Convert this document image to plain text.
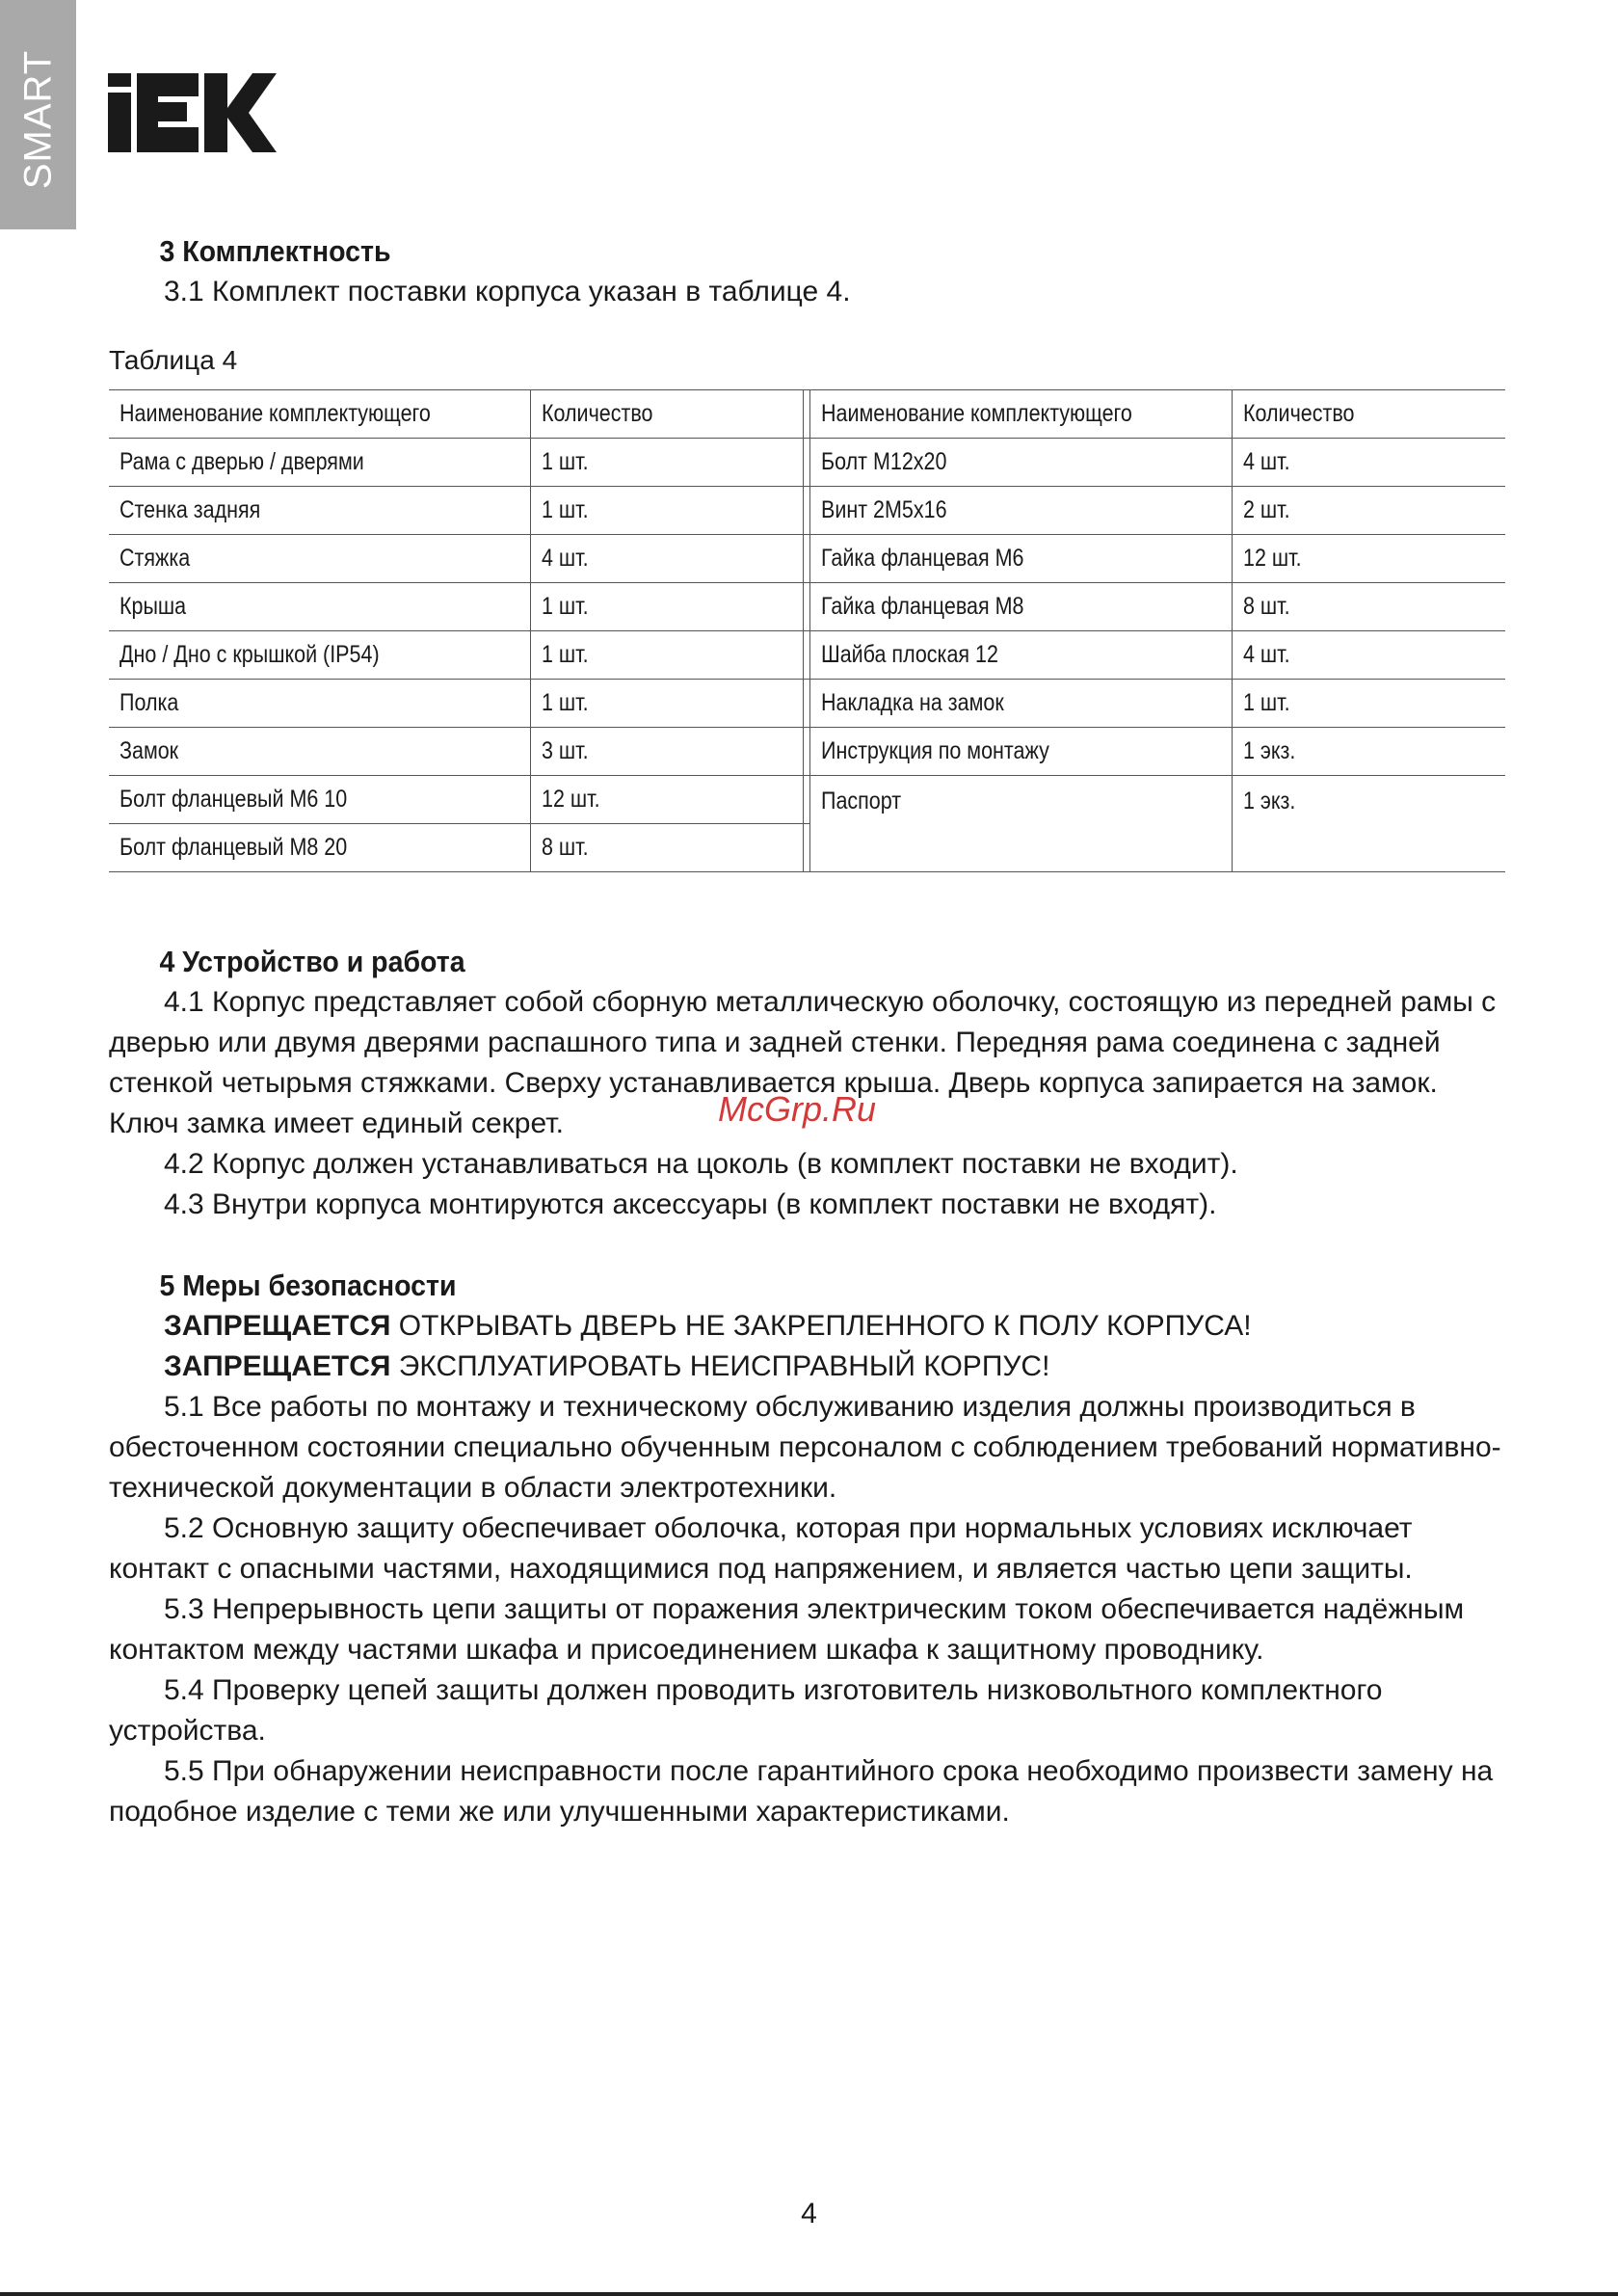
SMART
McGrp.Ru
3 Комплектность

3.1 Комплект поставки корпуса указан в таблице 4.

Таблица 4
Наименование комплектующего	Количество		Наименование комплектующего	Количество
Рама с дверью / дверями	1 шт.		Болт M12x20	4 шт.
Стенка задняя	1 шт.		Винт 2M5x16	2 шт.
Стяжка	4 шт.		Гайка фланцевая М6	12 шт.
Крыша	1 шт.		Гайка фланцевая М8	8 шт.
Дно / Дно с крышкой (IP54)	1 шт.		Шайба плоская 12	4 шт.
Полка	1 шт.		Накладка на замок	1 шт.
Замок	3 шт.		Инструкция по монтажу	1 экз.
Болт фланцевый М6 10	12 шт.		Паспорт	1 экз.
Болт фланцевый М8 20	8 шт.			
4 Устройство и работа

4.1 Корпус представляет собой сборную металлическую оболочку, состоящую из передней рамы с дверью или двумя дверями распашного типа и задней стенки. Передняя рама соединена с задней стенкой четырьмя стяжками. Сверху устанавливается крыша. Дверь корпуса запирается на замок. Ключ замка имеет единый секрет.

4.2 Корпус должен устанавливаться на цоколь (в комплект поставки не входит).

4.3 Внутри корпуса монтируются аксессуары (в комплект поставки не входят).

5 Меры безопасности

ЗАПРЕЩАЕТСЯ ОТКРЫВАТЬ ДВЕРЬ НЕ ЗАКРЕПЛЕННОГО К ПОЛУ КОРПУСА!

ЗАПРЕЩАЕТСЯ ЭКСПЛУАТИРОВАТЬ НЕИСПРАВНЫЙ КОРПУС!

5.1 Все работы по монтажу и техническому обслуживанию изделия должны производиться в обесточенном состоянии специально обученным персоналом с соблюдением требований нормативно-технической документации в области электротехники.

5.2 Основную защиту обеспечивает оболочка, которая при нормальных условиях исключает контакт с опасными частями, находящимися под напряжением, и является частью цепи защиты.

5.3 Непрерывность цепи защиты от поражения электрическим током обеспечивается надёжным контактом между частями шкафа и присоединением шкафа к защитному проводнику.

5.4 Проверку цепей защиты должен проводить изготовитель низковольтного комплектного устройства.

5.5 При обнаружении неисправности после гарантийного срока необходимо произвести замену на подобное изделие с теми же или улучшенными характеристиками.

4
